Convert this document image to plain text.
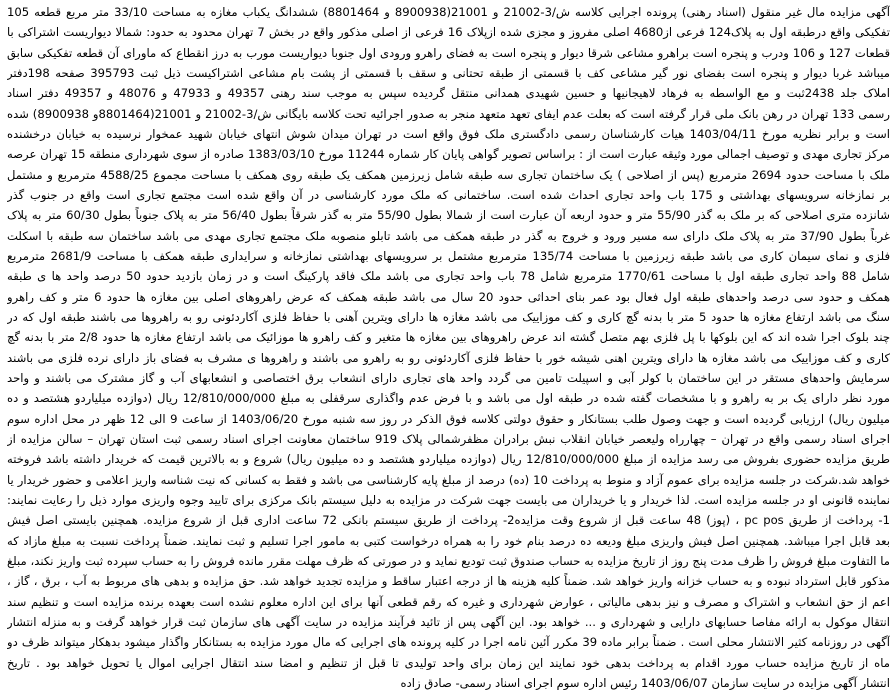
آگهی مزایده مال غیر منقول (اسناد رهنی) پرونده اجرایی کلاسه ش/3-21002 و 21001(8900938 و 8801464) ششدانگ یکباب مغازه به مساحت 33/10 متر مربع قطعه 105
تفکیکی واقع درطبقه اول به پلاک124 فرعی از4680 اصلی مفروز و مجزی شده ازپلاک 16 فرعی از اصلی مذکور واقع در بخش 7 تهران محدود به حدود: شمالا دیواریست اشتراکی با
قطعات 127 و 106 ودرب و پنجره است براهرو مشاعی شرقا دیوار و پنجره است به فضای راهرو ورودی اول جنوبا دیواریست مورب به درز انقطاع که ماورای آن قطعه تفکیکی سابق
میباشد غربا دیوار و پنجره است بفضای نور گیر مشاعی کف با قسمتی از طبقه تحتانی و سقف با قسمتی از پشت بام مشاعی اشتراکیست ذیل ثبت 395793 صفحه 198دفتر
املاک جلد 2438ثبت و مع الواسطه به فرهاد لاهیجانیها و حسین شهیدی همدانی منتقل گردیده سپس به موجب سند رهنی 49357 و 47933 و 48076 و 49357 دفتر اسناد
رسمی 133 تهران در رهن بانک ملی قرار گرفته است که بعلت عدم ایفای تعهد متعهد منجر به صدور اجرائیه تحت کلاسه بایگانی ش/3-21002 و 21001(8801464و 8900938) شده
است و برابر نظریه مورخ 1403/04/11 هیات کارشناسان رسمی دادگستری ملک فوق واقع است در تهران میدان شوش انتهای خیابان شهید عمخوار نرسیده به خیابان درخشنده
مرکز تجاری مهدی و توصیف اجمالی مورد وثیقه عبارت است از : براساس تصویر گواهی پایان کار شماره 11244 مورخ 1383/03/10 صادره از سوی شهرداری منطقه 15 تهران عرصه
ملک با مساحت حدود 2694 مترمربع (پس از اصلاحی ) یک ساختمان تجاری سه طبقه شامل زیرزمین همکف یک طبقه روی همکف با مساحت مجموع 4588/25 مترمربع و مشتمل
بر نمازخانه سرویسهای بهداشتی و 175 باب واحد تجاری احداث شده است. ساختمانی که ملک مورد کارشناسی در آن واقع شده است مجتمع تجاری است واقع در جنوب گذر
شانزده متری اصلاحی که بر ملک به گذر 55/90 متر و حدود اربعه آن عبارت است از شمالا بطول 55/90 متر به گذر شرقاً بطول 56/40 متر به پلاک جنوباً بطول 60/30 متر به پلاک
غرباً بطول 37/90 متر به پلاک ملک دارای سه مسیر ورود و خروج به گذر در طبقه همکف می باشد تابلو منصوبه ملک مجتمع تجاری مهدی می باشد ساختمان سه طبقه با اسکلت
فلزی و نمای سیمان کاری می باشد طبقه زیرزمین با مساحت 135/74 مترمربع مشتمل بر سرویسهای بهداشتی نمازخانه و سرایداری طبقه همکف با مساحت 2681/9 مترمربع
شامل 88 واحد تجاری طبقه اول با مساحت 1770/61 مترمربع شامل 78 باب واحد تجاری می باشد ملک فاقد پارکینگ است و در زمان بازدید حدود 50 درصد واحد ها ی طبقه
همکف و حدود سی درصد واحدهای طبقه اول فعال بود عمر بنای احداثی حدود 20 سال می باشد طبقه همکف که عرض راهروهای اصلی بین مغازه ها حدود 6 متر و کف راهرو
سنگ می باشد ارتفاع مغازه ها حدود 5 متر با بدنه گچ کاری و کف موزاییک می باشد مغازه ها دارای ویترین آهنی با حفاظ فلزی آکاردئونی رو به راهروها می باشند طبقه اول که در
چند بلوک اجرا شده اند که این بلوکها با پل فلزی بهم متصل گشته اند عرض راهروهای بین مغازه ها متغیر و کف راهرو ها موزائیک می باشد ارتفاع مغازه ها حدود 2/8 متر با بدنه گچ
کاری و کف موزاییک می باشد مغازه ها دارای ویترین اهنی شیشه خور با حفاظ فلزی آکاردئونی رو به راهرو می باشند و راهروها ی مشرف به فضای باز دارای نرده فلزی می باشند
سرمایش واحدهای مستقر در این ساختمان با کولر آبی و اسپیلت تامین می گردد واحد های تجاری دارای انشعاب برق اختصاصی و انشعابهای آب و گاز مشترک می باشند و واحد
مورد نظر دارای یک بر به راهرو و با مشخصات گفته شده در طبقه اول می باشد و با فرض عدم واگذاری سرقفلی به مبلغ 12/810/000/000 ریال (دوازده میلیاردو هشتصد و ده
میلیون ریال) ارزیابی گردیده است و جهت وصول طلب بستانکار و حقوق دولتی کلاسه فوق الذکر در روز سه شنبه مورخ 1403/06/20 از ساعت 9 الی 12 ظهر در محل اداره سوم
اجرای اسناد رسمی واقع در تهران – چهارراه ولیعصر خیابان انقلاب نبش برادران مظفرشمالی پلاک 919 ساختمان معاونت اجرای اسناد رسمی ثبت استان تهران – سالن مزایده از
طریق مزایده حضوری بفروش می رسد مزایده از مبلغ 12/810/000/000 ریال (دوازده میلیاردو هشتصد و ده میلیون ریال) شروع و به بالاترین قیمت که خریدار داشته باشد فروخته
خواهد شد.شرکت در جلسه مزایده برای عموم آزاد و منوط به پرداخت 10 (ده) درصد از مبلغ پایه کارشناسی می باشد و فقط به کسانی که نیت شناسه واریز اعلامی و حضور خریدار یا
نماینده قانونی او در جلسه مزایده است. لذا خریدار و یا خریداران می بایست جهت شرکت در مزایده به دلیل سیستم بانک مرکزی برای تایید وجوه واریزی موارد ذیل را رعایت نمایند:
1- پرداخت از طریق pc pos ، (پوز) 48 ساعت قبل از شروع وقت مزایده2- پرداخت از طریق سیستم بانکی 72 ساعت اداری قبل از شروع مزایده. همچنین بایستی اصل فیش
بعد قابل اجرا میباشد. همچنین اصل فیش واریزی مبلغ ودیعه ده درصد بنام خود را به همراه درخواست کتبی به مامور اجرا تسلیم و ثبت نمایند. ضمناً پرداخت نسبت به مبلغ مازاد که
ما التفاوت مبلغ فروش را ظرف مدت پنج روز از تاریخ مزایده به حساب صندوق ثبت تودیع نماید و در صورتی که ظرف مهلت مقرر مانده فروش را به حساب سپرده ثبت واریز نکند، مبلغ
مذکور قابل استرداد نبوده و به حساب خزانه واریز خواهد شد. ضمناً کلیه هزینه ها از درجه اعتبار ساقط و مزایده تجدید خواهد شد. حق مزایده و بدهی های مربوط به آب ، برق ، گاز ،
اعم از حق انشعاب و اشتراک و مصرف و نیز بدهی مالیاتی ، عوارض شهرداری و غیره که رقم قطعی آنها برای این اداره معلوم نشده است بعهده برنده مزایده است و تنظیم سند
انتقال موکول به ارائه مفاصا حسابهای دارایی و شهرداری و ... خواهد بود. این آگهی پس از تائید فرآیند مزایده در سایت آگهی های سازمان ثبت قرار خواهد گرفت و به منزله انتشار
آگهی در روزنامه کثیر الانتشار محلی است . ضمناً برابر ماده 39 مکرر آئین نامه اجرا در کلیه پرونده های اجرایی که مال مورد مزایده به بستانکار واگذار میشود بدهکار میتواند ظرف دو
ماه از تاریخ مزایده حساب مورد اقدام به پرداخت بدهی خود نمایند این زمان برای واحد تولیدی تا قبل از تنظیم و امضا سند انتقال اجرایی اموال یا تحویل خواهد بود . تاریخ
انتشار آگهی مزایده در سایت سازمان 1403/06/07 رئیس اداره سوم اجرای اسناد رسمی- صادق زاده
